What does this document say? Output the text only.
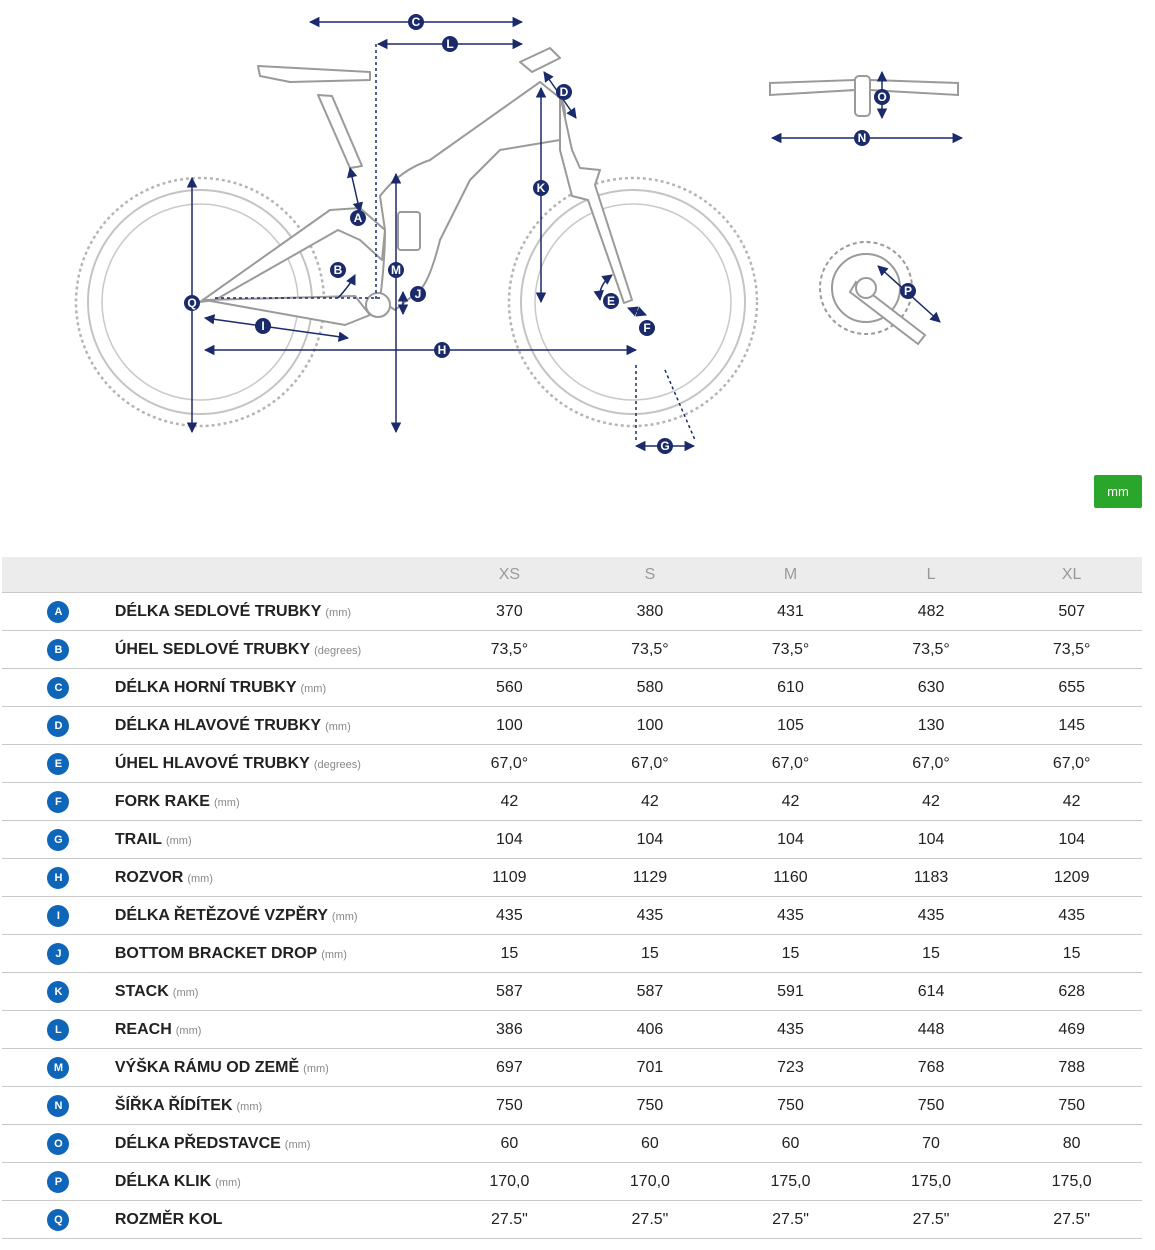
C
L
D
K
A
B	M
J
Q
I
H
E
F
G
O
N
P
mm
		XS	S	M	L	XL
A	DÉLKA SEDLOVÉ TRUBKY (mm)	370	380	431	482	507
B	ÚHEL SEDLOVÉ TRUBKY (degrees)	73,5°	73,5°	73,5°	73,5°	73,5°
C	DÉLKA HORNÍ TRUBKY (mm)	560	580	610	630	655
D	DÉLKA HLAVOVÉ TRUBKY (mm)	100	100	105	130	145
E	ÚHEL HLAVOVÉ TRUBKY (degrees)	67,0°	67,0°	67,0°	67,0°	67,0°
F	FORK RAKE (mm)	42	42	42	42	42
G	TRAIL (mm)	104	104	104	104	104
H	ROZVOR (mm)	1109	1129	1160	1183	1209
I	DÉLKA ŘETĚZOVÉ VZPĚRY (mm)	435	435	435	435	435
J	BOTTOM BRACKET DROP (mm)	15	15	15	15	15
K	STACK (mm)	587	587	591	614	628
L	REACH (mm)	386	406	435	448	469
M	VÝŠKA RÁMU OD ZEMĚ (mm)	697	701	723	768	788
N	ŠÍŘKA ŘÍDÍTEK (mm)	750	750	750	750	750
O	DÉLKA PŘEDSTAVCE (mm)	60	60	60	70	80
P	DÉLKA KLIK (mm)	170,0	170,0	175,0	175,0	175,0
Q	ROZMĚR KOL	27.5"	27.5"	27.5"	27.5"	27.5"
